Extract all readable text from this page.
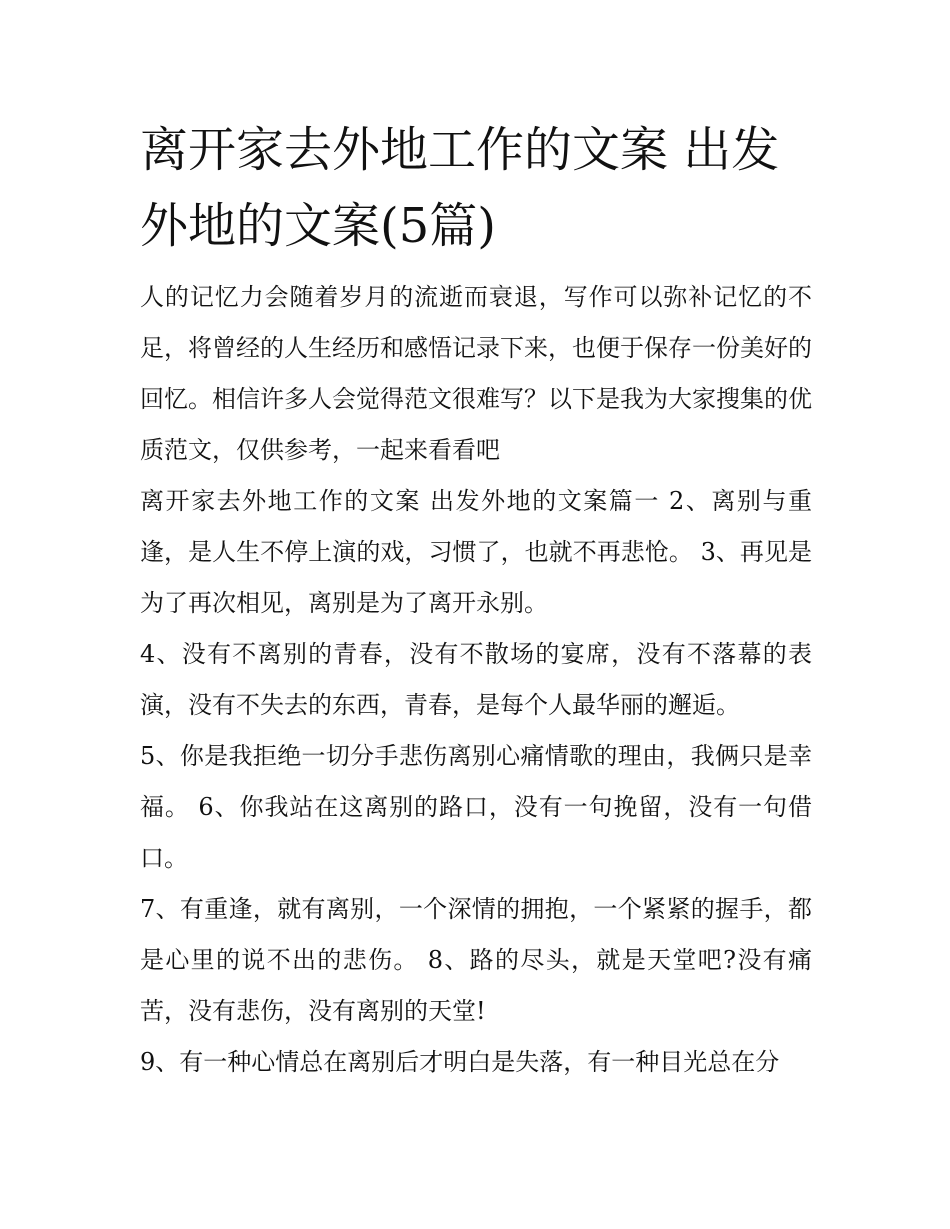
离开家去外地工作的文案 出发外地的文案(5篇)

人的记忆力会随着岁月的流逝而衰退，写作可以弥补记忆的不足，将曾经的人生经历和感悟记录下来，也便于保存一份美好的回忆。相信许多人会觉得范文很难写？以下是我为大家搜集的优质范文，仅供参考，一起来看看吧

离开家去外地工作的文案 出发外地的文案篇一 2、离别与重逢，是人生不停上演的戏，习惯了，也就不再悲怆。 3、再见是为了再次相见，离别是为了离开永别。

4、没有不离别的青春，没有不散场的宴席，没有不落幕的表演，没有不失去的东西，青春，是每个人最华丽的邂逅。

5、你是我拒绝一切分手悲伤离别心痛情歌的理由，我俩只是幸福。 6、你我站在这离别的路口，没有一句挽留，没有一句借口。

7、有重逢，就有离别，一个深情的拥抱，一个紧紧的握手，都是心里的说不出的悲伤。 8、路的尽头，就是天堂吧?没有痛苦，没有悲伤，没有离别的天堂!

9、有一种心情总在离别后才明白是失落，有一种目光总在分
